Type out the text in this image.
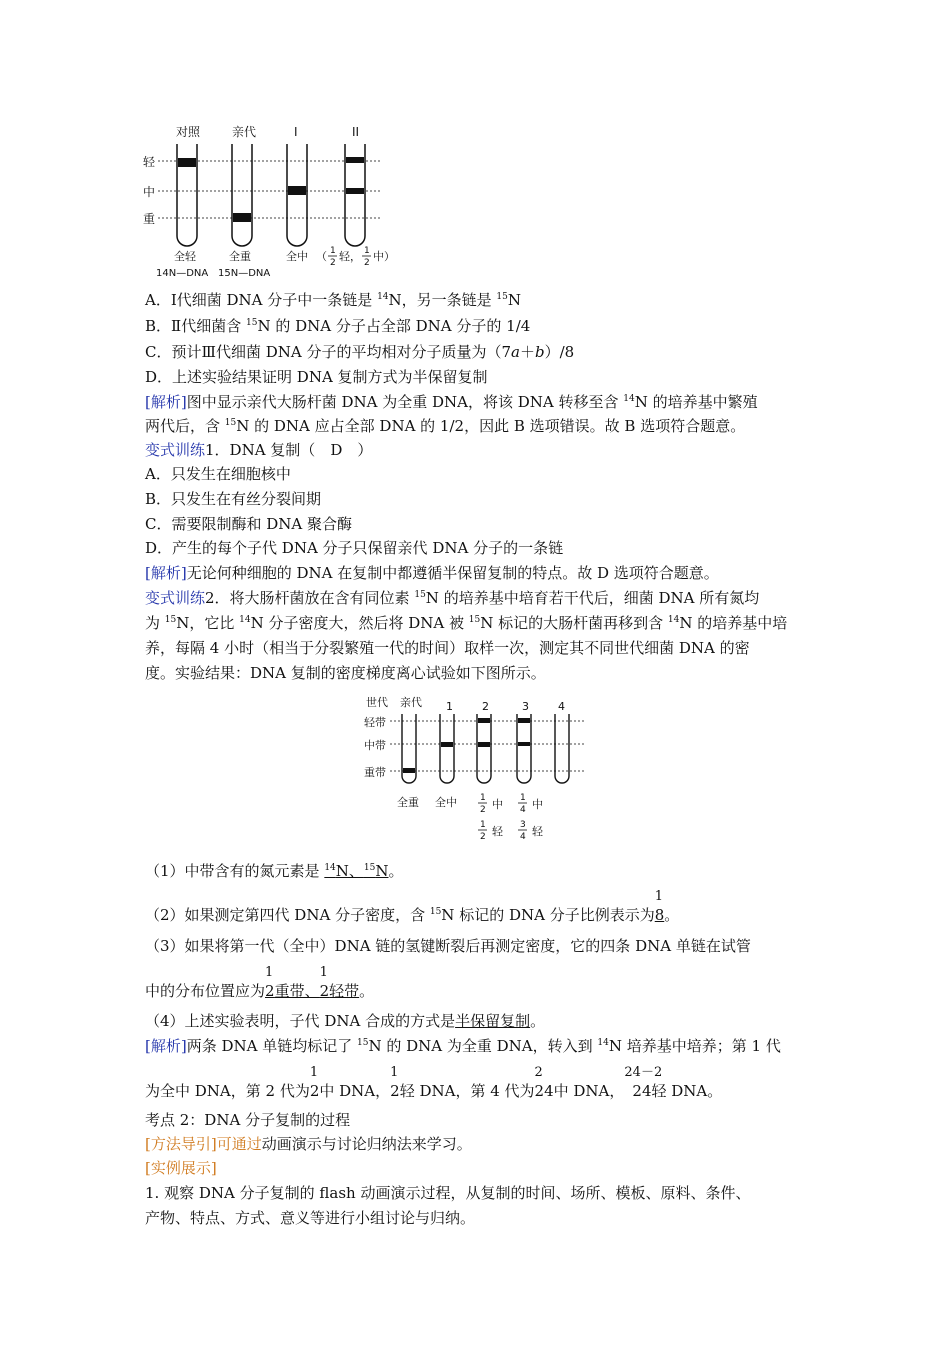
对照	亲代	I	II
轻
中
重
全轻	全重	全中 （ 1
2 轻， 1
2 中）
14N—DNA 15N—DNA
A．Ⅰ代细菌 DNA 分子中一条链是 $^{14}$N，另一条链是 $^{15}$N
B．Ⅱ代细菌含 $^{15}$N 的 DNA 分子占全部 DNA 分子的 1/4
C．预计Ⅲ代细菌 DNA 分子的平均相对分子质量为（7a＋b）/8
D．上述实验结果证明 DNA 复制方式为半保留复制
[解析]图中显示亲代大肠杆菌 DNA 为全重 DNA，将该 DNA 转移至含 $^{14}$N 的培养基中繁殖
两代后，含 $^{15}$N 的 DNA 应占全部 DNA 的 1/2，因此 B 选项错误。故 B 选项符合题意。
变式训练1．DNA 复制（　D　）
A．只发生在细胞核中
B．只发生在有丝分裂间期
C．需要限制酶和 DNA 聚合酶
D．产生的每个子代 DNA 分子只保留亲代 DNA 分子的一条链
[解析]无论何种细胞的 DNA 在复制中都遵循半保留复制的特点。故 D 选项符合题意。
变式训练2．将大肠杆菌放在含有同位素 $^{15}$N 的培养基中培育若干代后，细菌 DNA 所有氮均
为 $^{15}$N，它比 $^{14}$N 分子密度大，然后将 DNA 被 $^{15}$N 标记的大肠杆菌再移到含 $^{14}$N 的培养基中培
养，每隔 4 小时（相当于分裂繁殖一代的时间）取样一次，测定其不同世代细菌 DNA 的密
度。实验结果：DNA 复制的密度梯度离心试验如下图所示。
世代 亲代 1	2	3	4
轻带
中带
重带
全重 全中	1
2 中
1
2 轻
1
4 中
3
4 轻
（1）中带含有的氮元素是 $^{14}$N、$^{15}$N。
（2）如果测定第四代 DNA 分子密度，含 $^{15}$N 标记的 DNA 分子比例表示为
1
8。
（3）如果将第一代（全中）DNA 链的氢键断裂后再测定密度，它的四条 DNA 单链在试管
中的分布位置应为
1
2重带、
1
2轻带。
（4）上述实验表明，子代 DNA 合成的方式是半保留复制。
[解析]两条 DNA 单链均标记了 $^{15}$N 的 DNA 为全重 DNA，转入到 $^{14}$N 培养基中培养；第 1 代
为全中 DNA，第 2 代为
1
2中 DNA，
1
2轻 DNA，第 4 代为
2
24中 DNA，
24－2
24轻 DNA。
考点 2：DNA 分子复制的过程
[方法导引]可通过动画演示与讨论归纳法来学习。
[实例展示]
1. 观察 DNA 分子复制的 flash 动画演示过程，从复制的时间、场所、模板、原料、条件、
产物、特点、方式、意义等进行小组讨论与归纳。
